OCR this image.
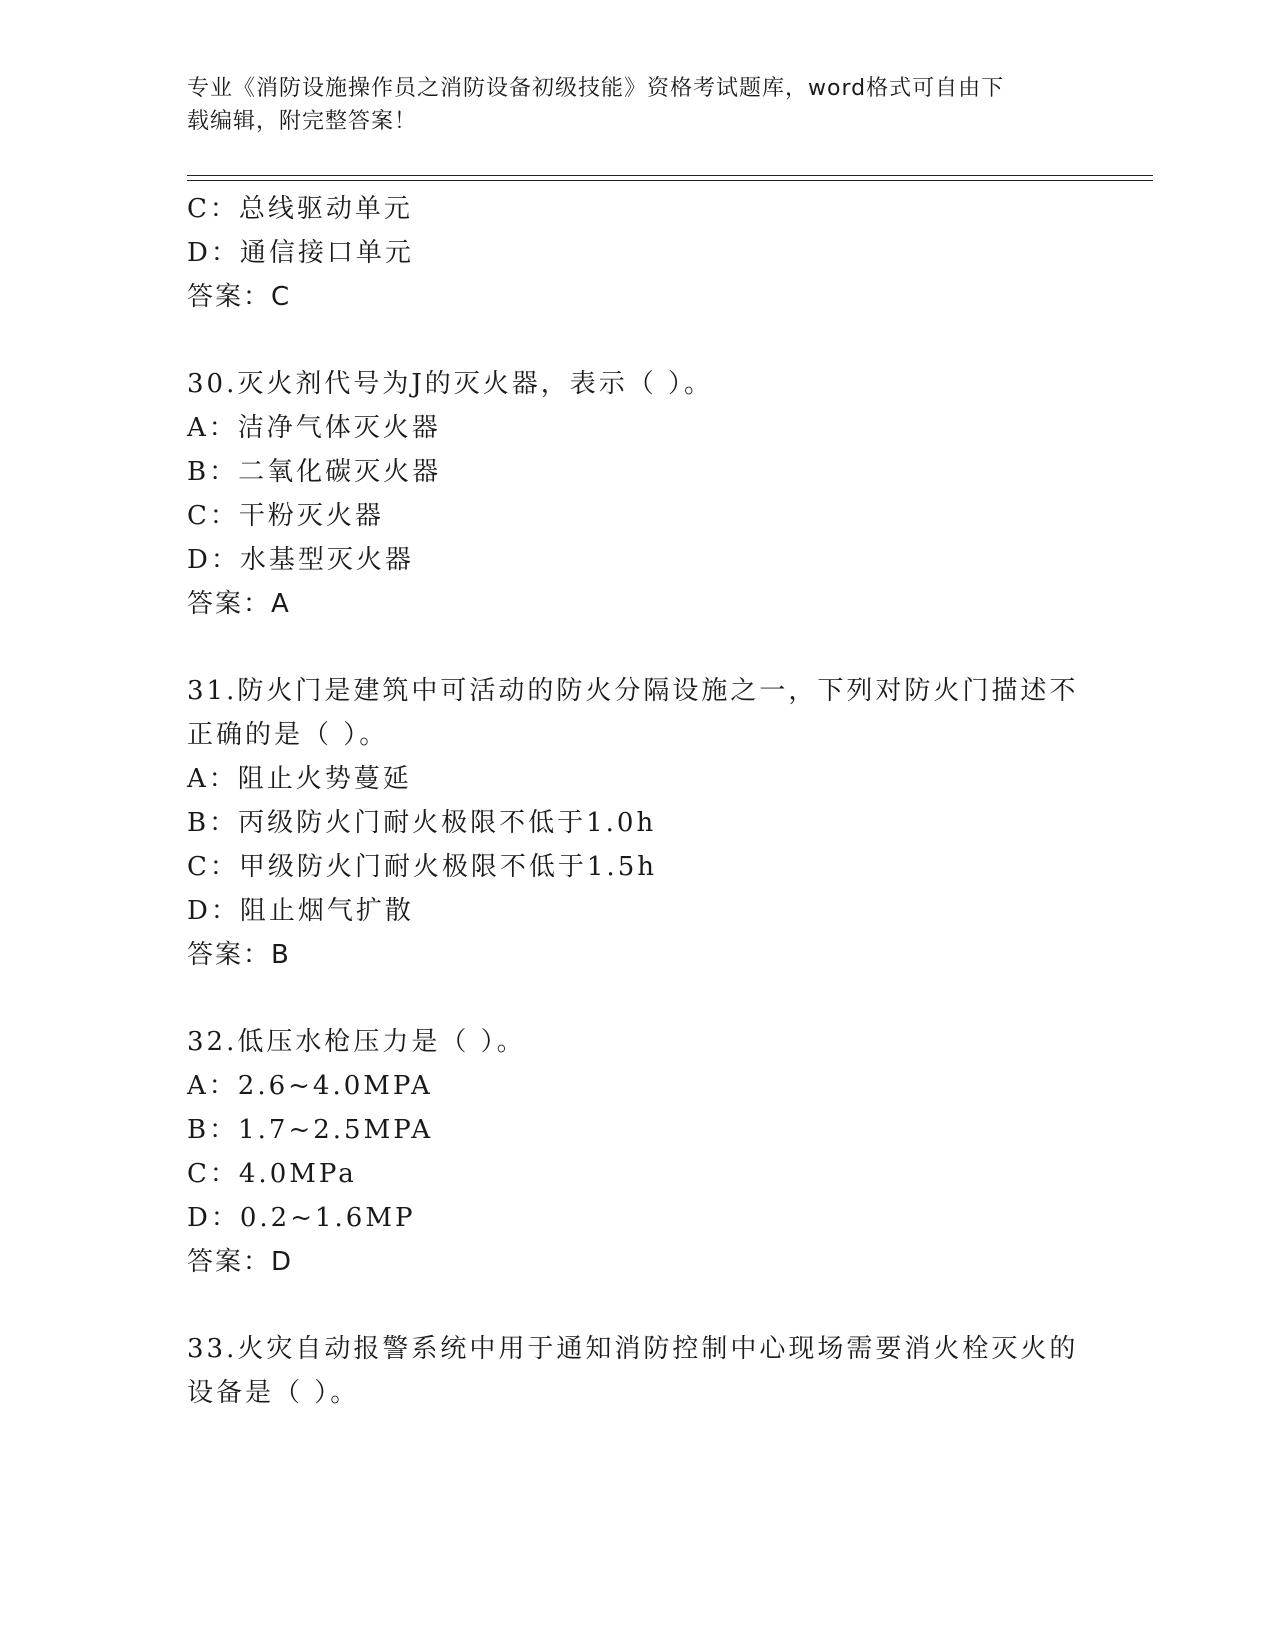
专业《消防设施操作员之消防设备初级技能》资格考试题库，word格式可自由下
载编辑，附完整答案！
C：总线驱动单元
D：通信接口单元
答案：C
30.灭火剂代号为J的灭火器，表示（ ）。
A：洁净气体灭火器
B：二氧化碳灭火器
C：干粉灭火器
D：水基型灭火器
答案：A
31.防火门是建筑中可活动的防火分隔设施之一，下列对防火门描述不
正确的是（ ）。
A：阻止火势蔓延
B：丙级防火门耐火极限不低于1.0h
C：甲级防火门耐火极限不低于1.5h
D：阻止烟气扩散
答案：B
32.低压水枪压力是（ ）。
A：2.6~4.0MPA
B：1.7~2.5MPA
C：4.0MPa
D：0.2~1.6MP
答案：D
33.火灾自动报警系统中用于通知消防控制中心现场需要消火栓灭火的
设备是（ ）。
